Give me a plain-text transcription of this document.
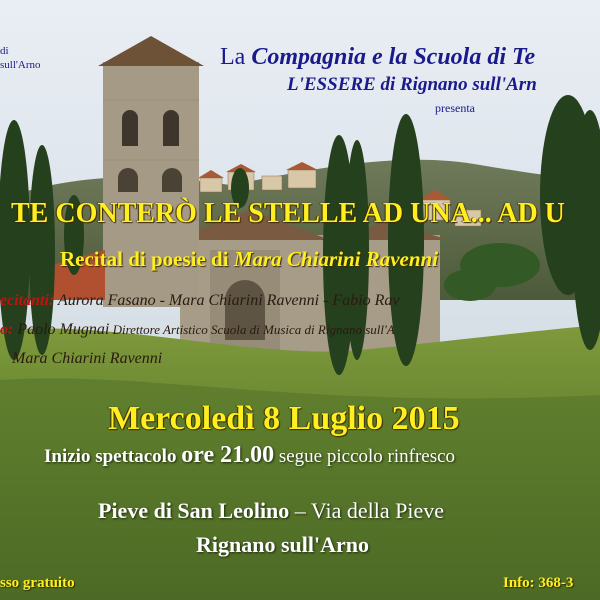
di
sull'Arno	La Compagnia e la Scuola di Te
L'ESSERE di Rignano sull'Arn
presenta
TE CONTERÒ LE STELLE AD UNA... AD U
Recital di poesie di Mara Chiarini Ravenni
ecitanti: Aurora Fasano - Mara Chiarini Ravenni - Fabio Rav
o: Paolo Mugnai Direttore Artistico Scuola di Musica di Rignano sull'A
Mara Chiarini Ravenni
Mercoledì 8 Luglio 2015
Inizio spettacolo ore 21.00 segue piccolo rinfresco
Pieve di San Leolino – Via della Pieve
Rignano sull'Arno
sso gratuito	Info: 368-3
